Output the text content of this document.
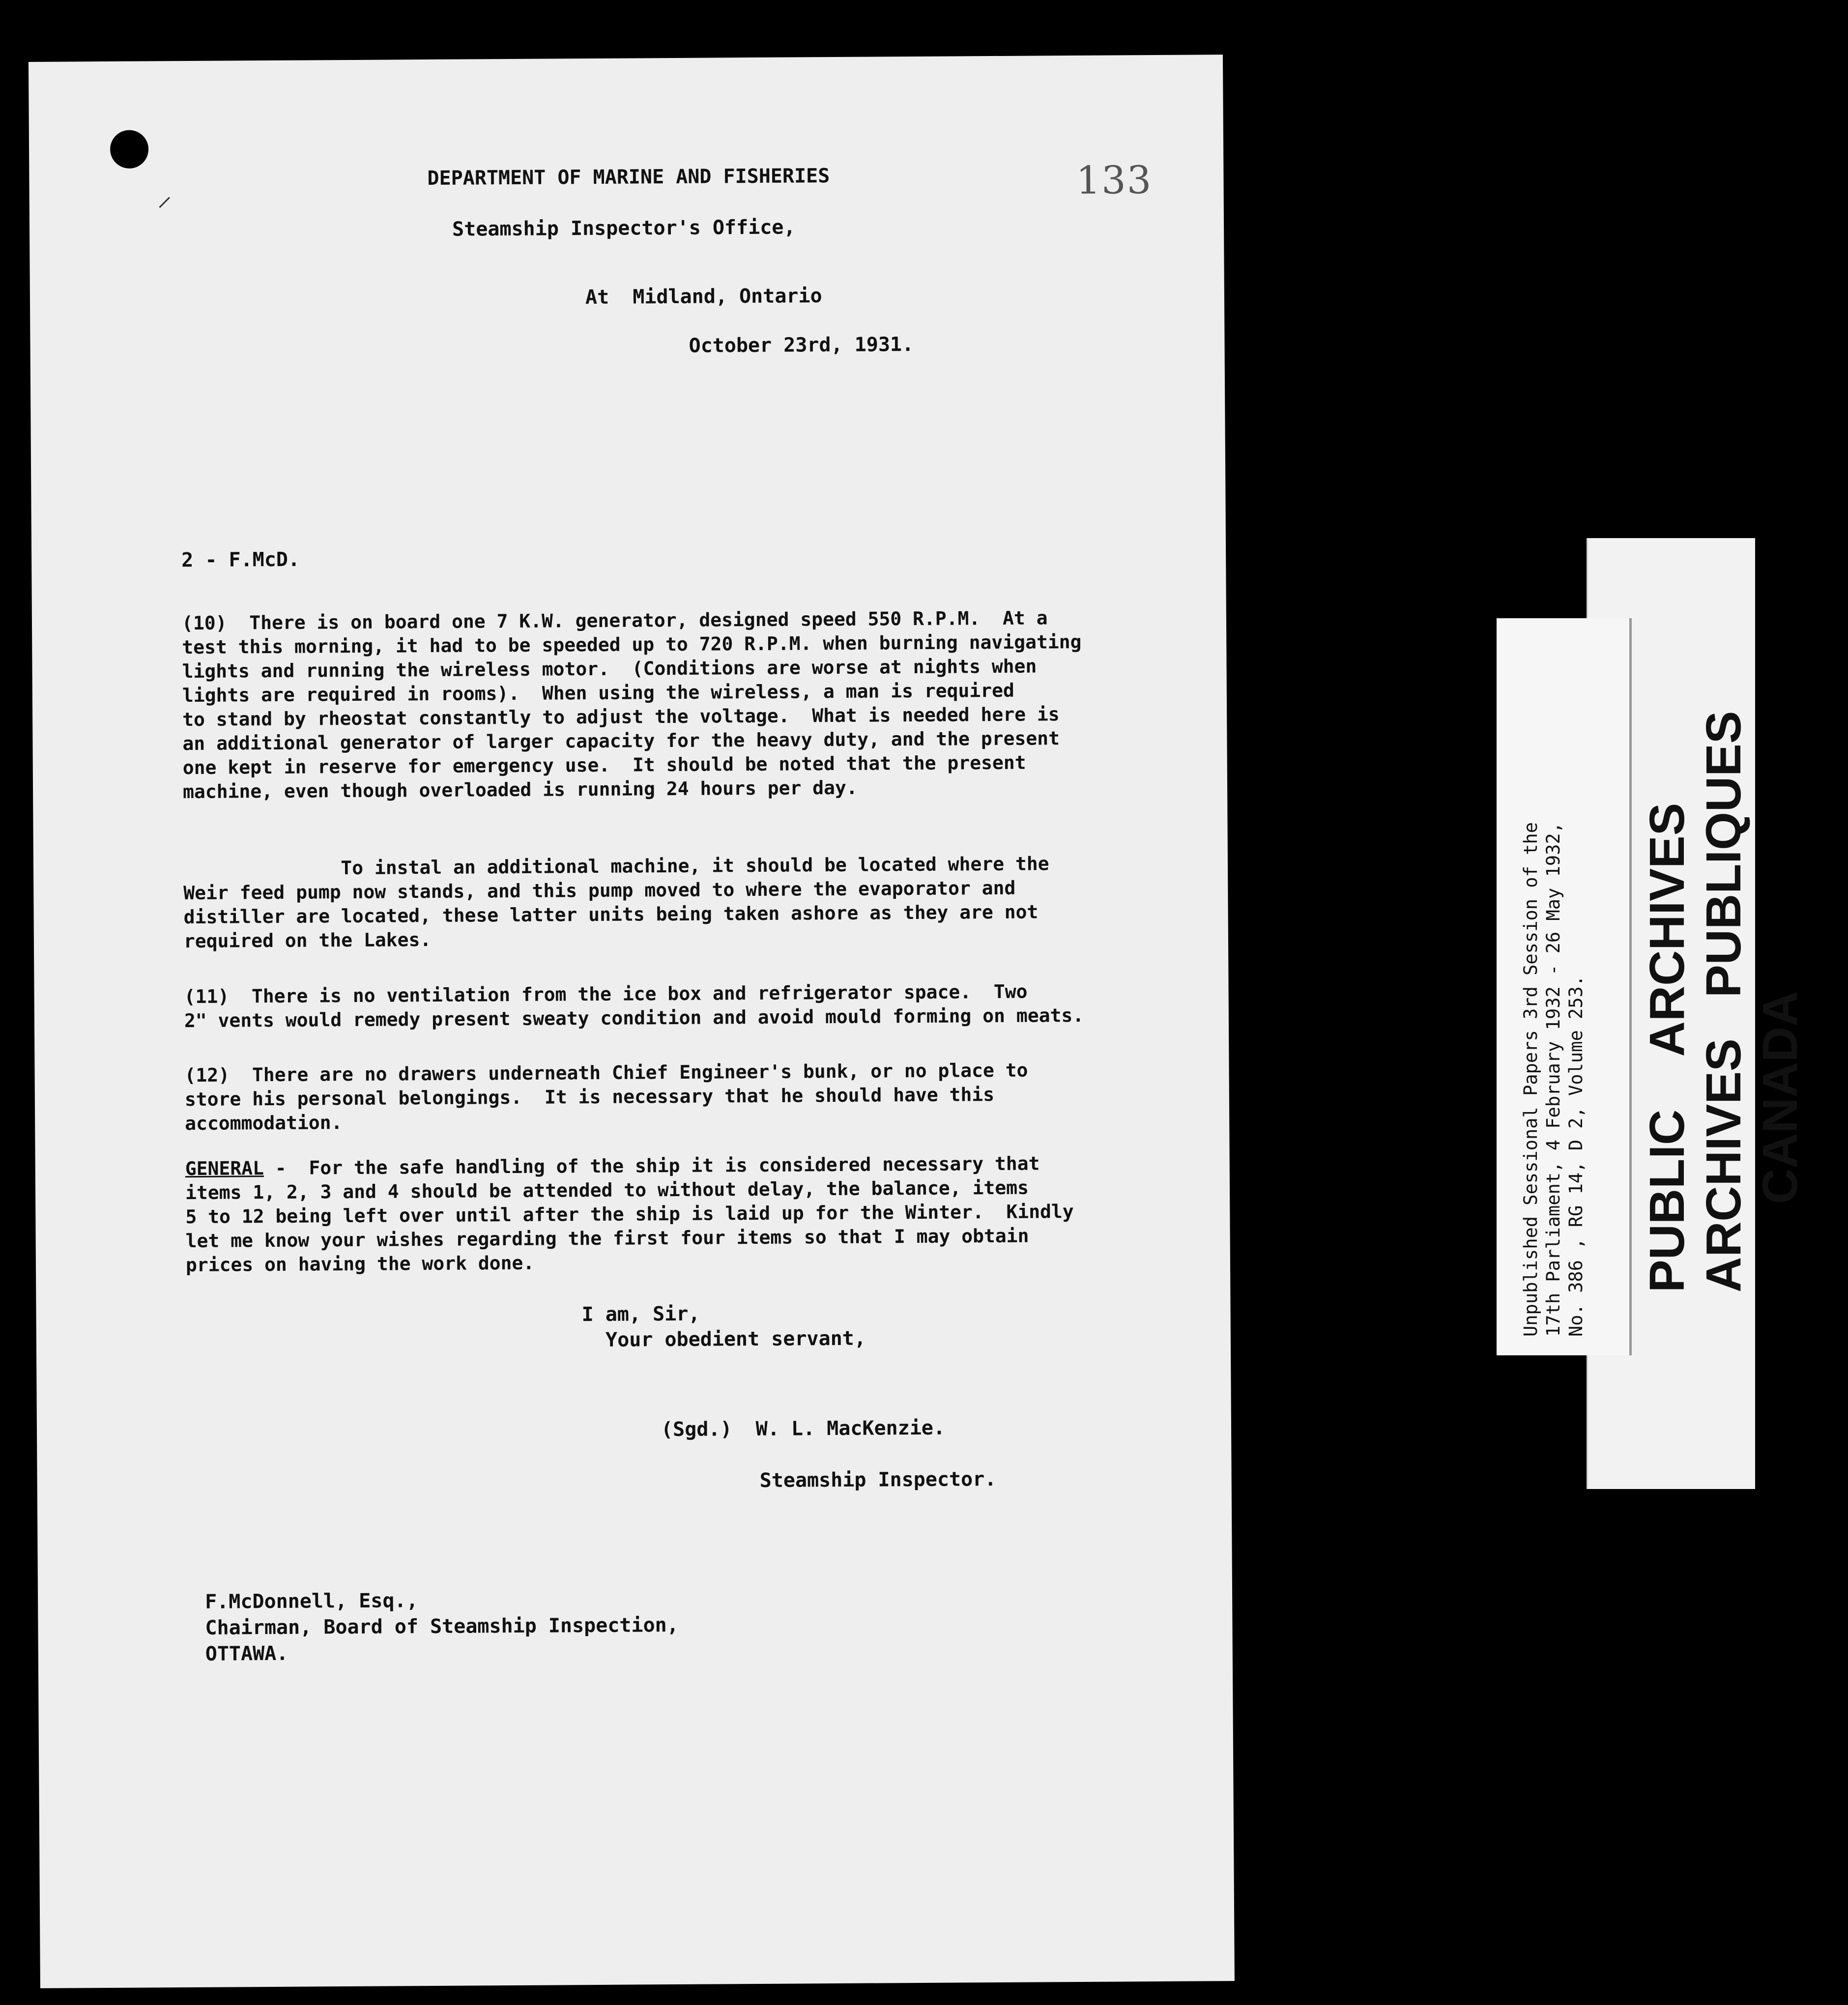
⸝
DEPARTMENT OF MARINE AND FISHERIES	133
Steamship Inspector's Office,
At  Midland, Ontario
October 23rd, 1931.
2 - F.McD.
(10)  There is on board one 7 K.W. generator, designed speed 550 R.P.M.  At a
test this morning, it had to be speeded up to 720 R.P.M. when burning navigating
lights and running the wireless motor.  (Conditions are worse at nights when
lights are required in rooms).  When using the wireless, a man is required
to stand by rheostat constantly to adjust the voltage.  What is needed here is
an additional generator of larger capacity for the heavy duty, and the present
one kept in reserve for emergency use.  It should be noted that the present
machine, even though overloaded is running 24 hours per day.
To instal an additional machine, it should be located where the
Weir feed pump now stands, and this pump moved to where the evaporator and
distiller are located, these latter units being taken ashore as they are not
required on the Lakes.
(11)  There is no ventilation from the ice box and refrigerator space.  Two
2" vents would remedy present sweaty condition and avoid mould forming on meats.
(12)  There are no drawers underneath Chief Engineer's bunk, or no place to
store his personal belongings.  It is necessary that he should have this
accommodation.
GENERAL -  For the safe handling of the ship it is considered necessary that
items 1, 2, 3 and 4 should be attended to without delay, the balance, items
5 to 12 being left over until after the ship is laid up for the Winter.  Kindly
let me know your wishes regarding the first four items so that I may obtain
prices on having the work done.
I am, Sir,
Your obedient servant,
(Sgd.)  W. L. MacKenzie.
Steamship Inspector.
F.McDonnell, Esq.,
Chairman, Board of Steamship Inspection,
OTTAWA.
PUBLIC    ARCHIVES ARCHIVES   PUBLIQUES CANADA
Unpublished Sessional Papers 3rd Session of the 17th Parliament, 4 February 1932 - 26 May 1932, No. 386 , RG 14, D 2, Volume 253.
